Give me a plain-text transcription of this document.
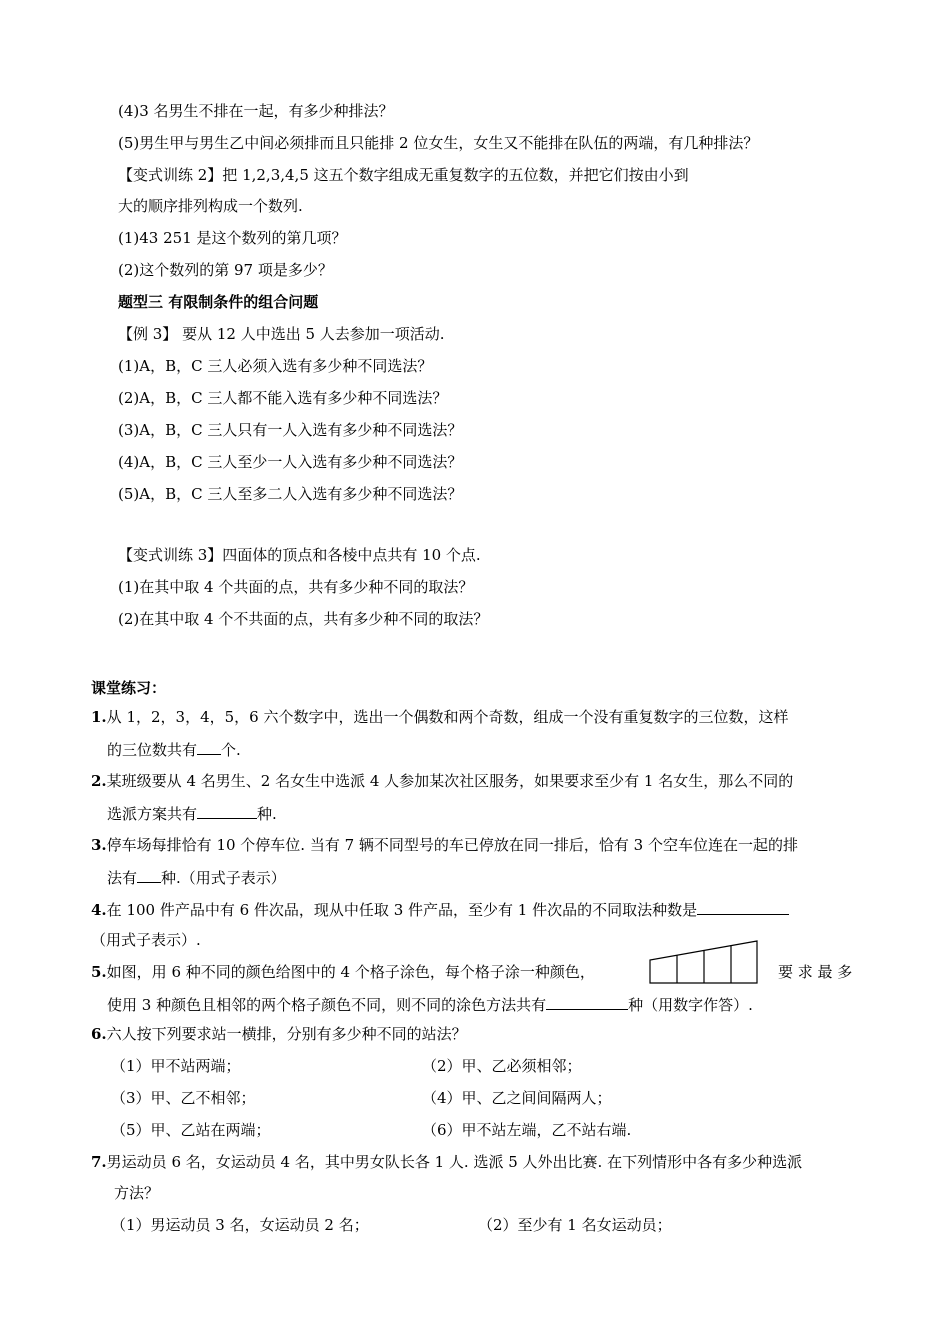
(4)3 名男生不排在一起，有多少种排法？
(5)男生甲与男生乙中间必须排而且只能排 2 位女生，女生又不能排在队伍的两端，有几种排法？
【变式训练 2】把 1,2,3,4,5 这五个数字组成无重复数字的五位数，并把它们按由小到
大的顺序排列构成一个数列.
(1)43 251 是这个数列的第几项？
(2)这个数列的第 97 项是多少？
题型三 有限制条件的组合问题
【例 3】 要从 12 人中选出 5 人去参加一项活动.
(1)A，B，C 三人必须入选有多少种不同选法？
(2)A，B，C 三人都不能入选有多少种不同选法？
(3)A，B，C 三人只有一人入选有多少种不同选法？
(4)A，B，C 三人至少一人入选有多少种不同选法？
(5)A，B，C 三人至多二人入选有多少种不同选法？
【变式训练 3】四面体的顶点和各棱中点共有 10 个点.
(1)在其中取 4 个共面的点，共有多少种不同的取法？
(2)在其中取 4 个不共面的点，共有多少种不同的取法？
课堂练习：
1.从 1，2，3，4，5，6 六个数字中，选出一个偶数和两个奇数，组成一个没有重复数字的三位数，这样
的三位数共有 个.
2.某班级要从 4 名男生、2 名女生中选派 4 人参加某次社区服务，如果要求至少有 1 名女生，那么不同的
选派方案共有	种.
3.停车场每排恰有 10 个停车位. 当有 7 辆不同型号的车已停放在同一排后，恰有 3 个空车位连在一起的排
法有 种.（用式子表示）
4.在 100 件产品中有 6 件次品，现从中任取 3 件产品，至少有 1 件次品的不同取法种数是
（用式子表示）.
5.如图，用 6 种不同的颜色给图中的 4 个格子涂色，每个格子涂一种颜色，	要 求 最 多
使用 3 种颜色且相邻的两个格子颜色不同，则不同的涂色方法共有	种（用数字作答）.
6.六人按下列要求站一横排，分别有多少种不同的站法？
（1）甲不站两端；	（2）甲、乙必须相邻；
（3）甲、乙不相邻；	（4）甲、乙之间间隔两人；
（5）甲、乙站在两端；	（6）甲不站左端，乙不站右端.
7.男运动员 6 名，女运动员 4 名，其中男女队长各 1 人. 选派 5 人外出比赛. 在下列情形中各有多少种选派
方法？
（1）男运动员 3 名，女运动员 2 名；	（2）至少有 1 名女运动员；
